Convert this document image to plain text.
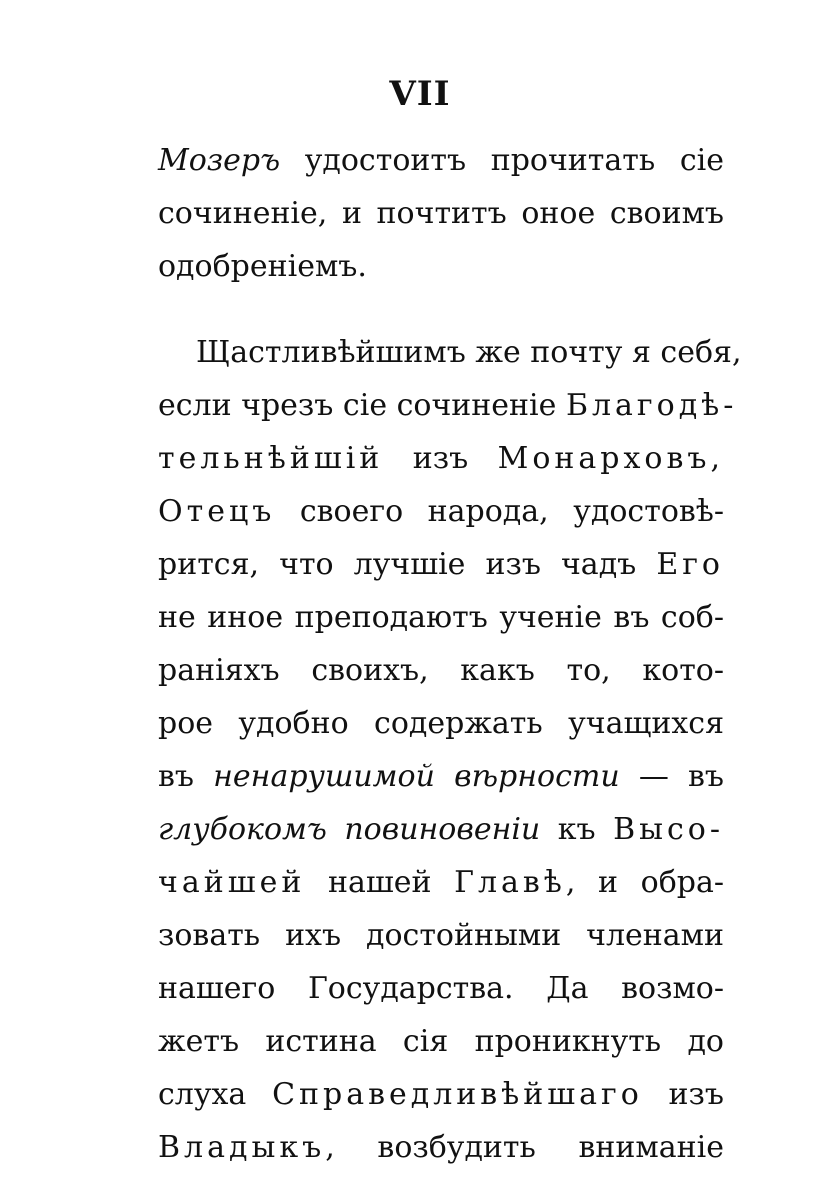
VII
Мозеръ удостоитъ прочитать сіе
сочиненіе, и почтитъ оное своимъ
одобреніемъ.
Щастливѣйшимъ же почту я себя,
если чрезъ сіе сочиненіе Благодѣ-
тельнѣйшій изъ Монарховъ,
Отецъ своего народа, удостовѣ-
рится, что лучшіе изъ чадъ Его
не иное преподаютъ ученіе въ соб-
раніяхъ своихъ, какъ то, кото-
рое удобно содержать учащихся
въ ненарушимой вѣрности — въ
глубокомъ повиновеніи къ Высо-
чайшей нашей Главѣ, и обра-
зовать ихъ достойными членами
нашего Государства. Да возмо-
жетъ истина сія проникнуть до
слуха Справедливѣйшаго изъ
Владыкъ, возбудить вниманіе
